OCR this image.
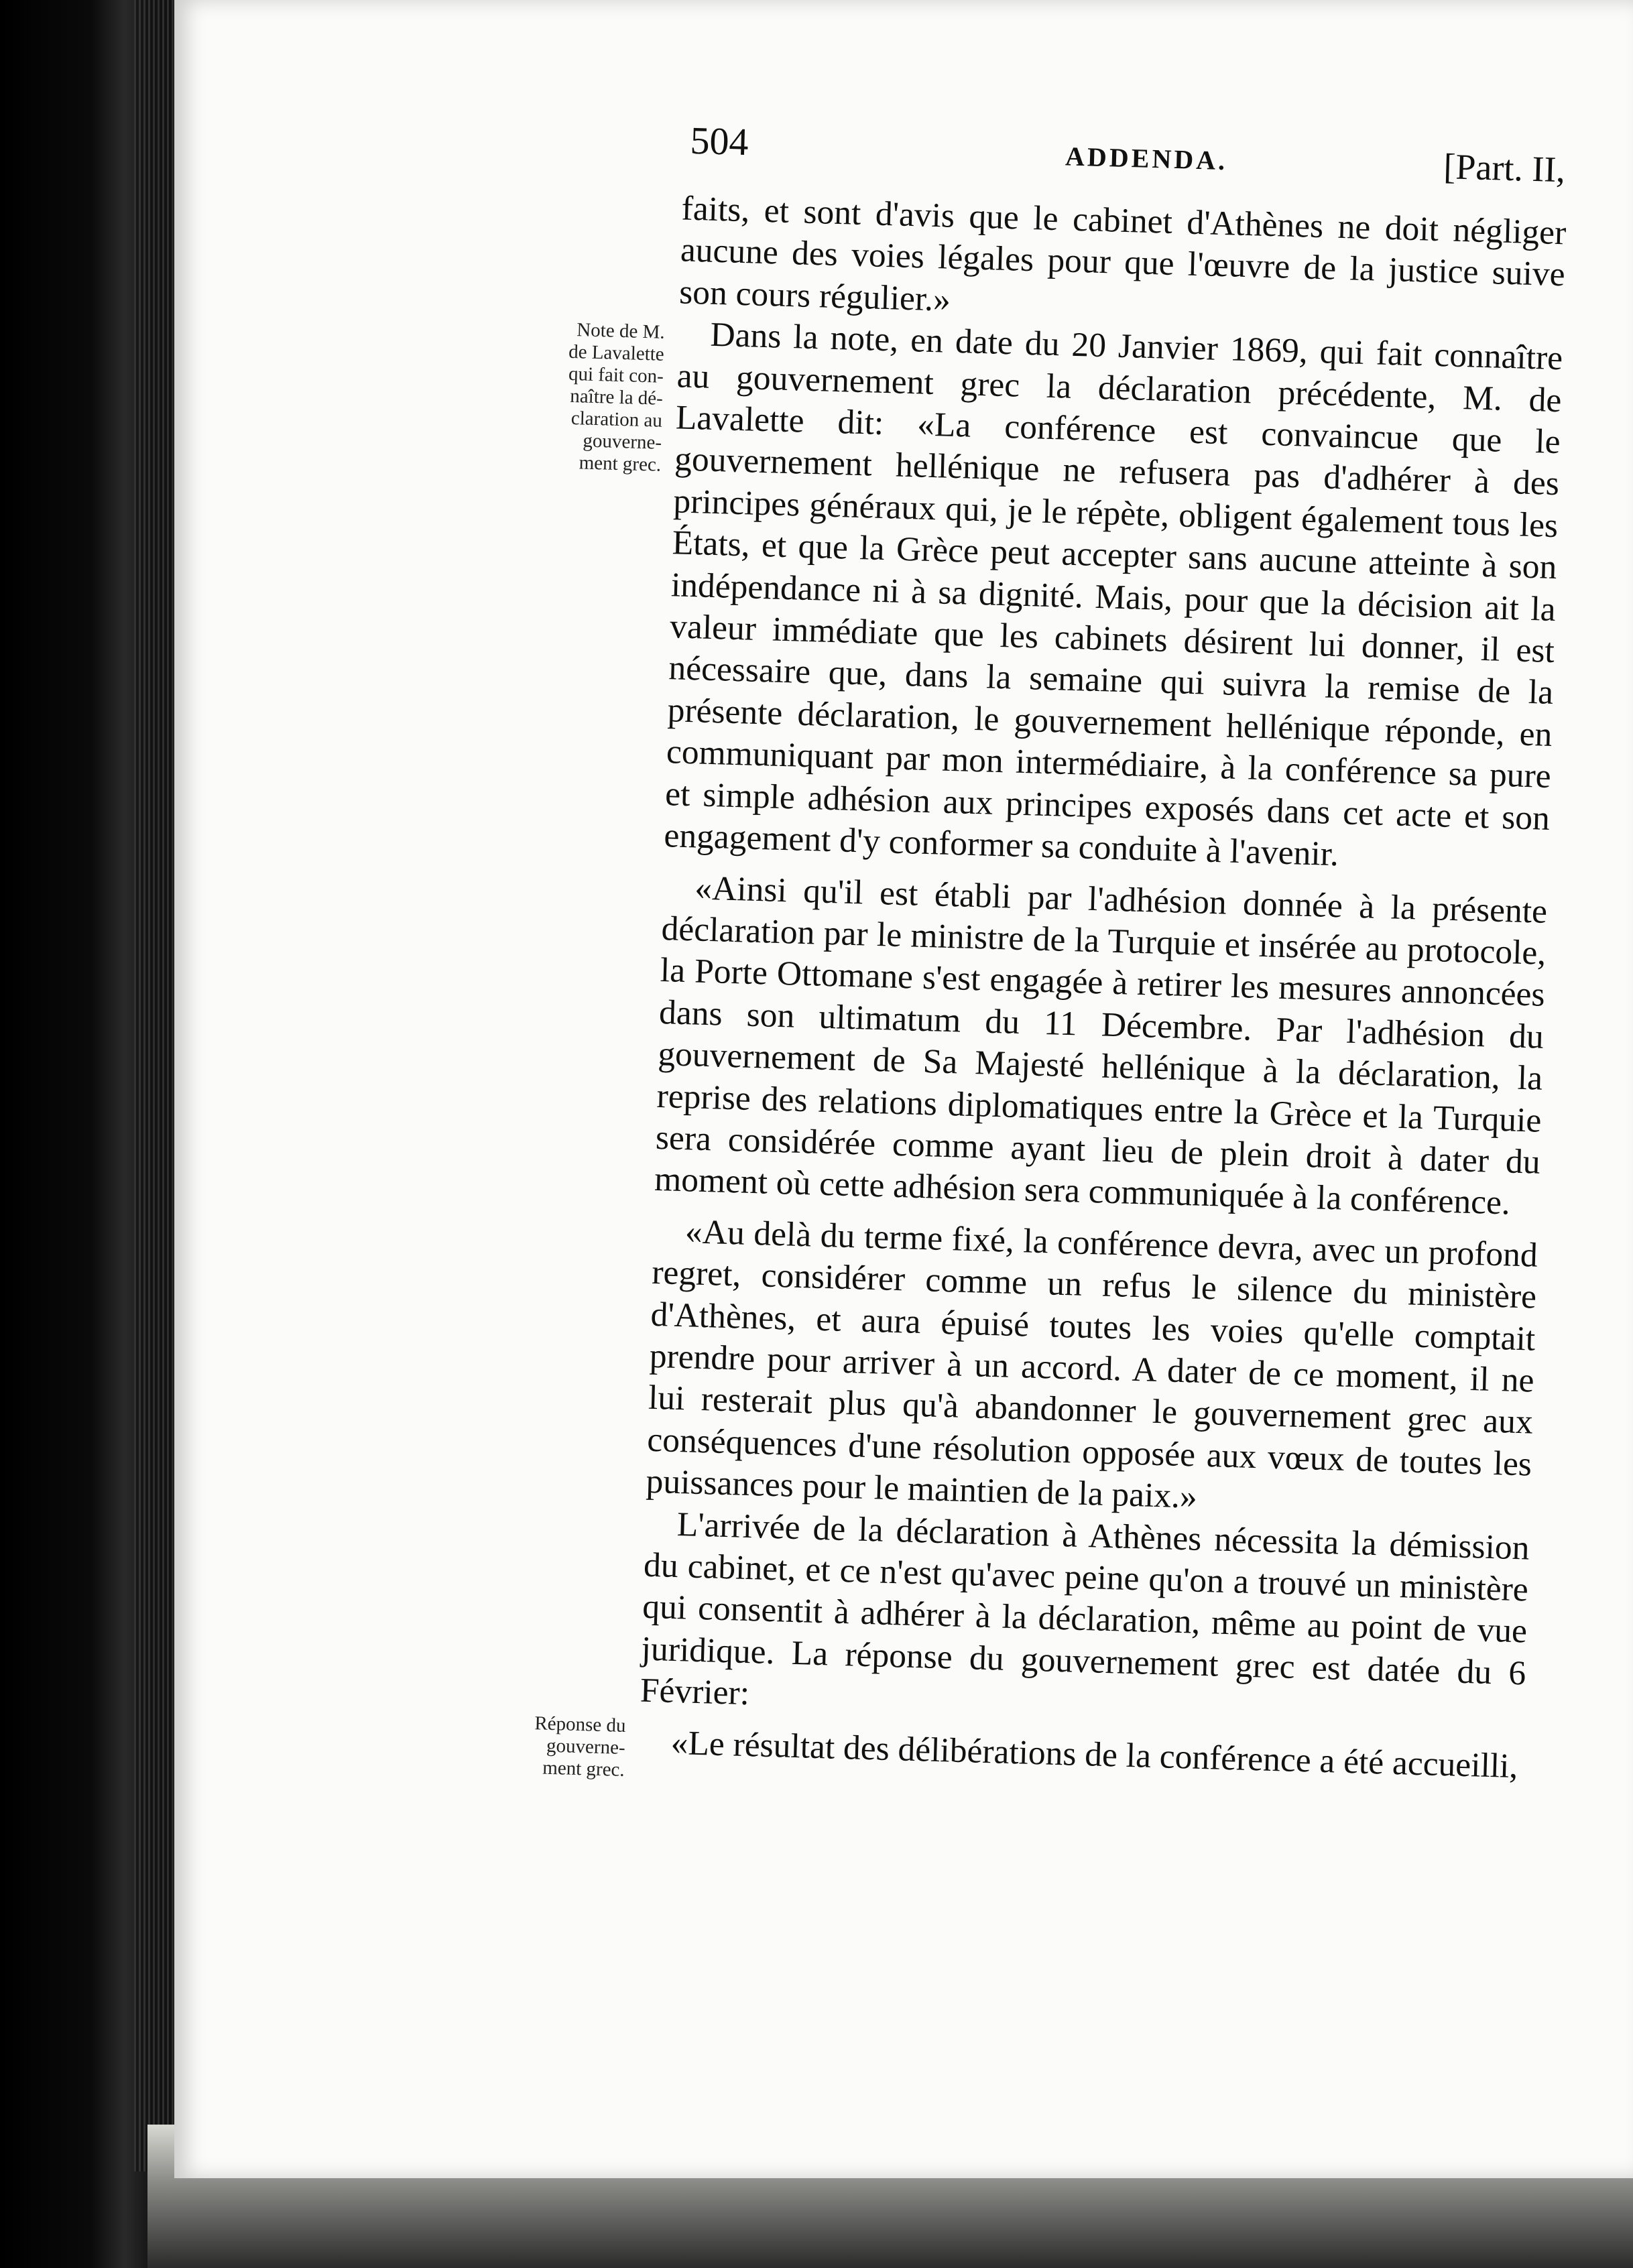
504	ADDENDA.	[Part. II,
Note de M.
de Lavalette
qui fait con-
naître la dé-
claration au
gouverne-
ment grec.
Réponse du
gouverne-
ment grec.

faits, et sont d'avis que le cabinet d'Athènes ne doit négliger aucune des voies légales pour que l'œuvre de la justice suive son cours régulier.»

Dans la note, en date du 20 Janvier 1869, qui fait connaître au gouvernement grec la déclaration précédente, M. de Lavalette dit: «La conférence est convaincue que le gouvernement hellénique ne refusera pas d'adhérer à des principes généraux qui, je le répète, obligent également tous les États, et que la Grèce peut accepter sans aucune atteinte à son indépendance ni à sa dignité. Mais, pour que la décision ait la valeur immédiate que les cabinets désirent lui donner, il est nécessaire que, dans la semaine qui suivra la remise de la présente déclaration, le gouvernement hellénique réponde, en communiquant par mon intermédiaire, à la conférence sa pure et simple adhésion aux principes exposés dans cet acte et son engagement d'y conformer sa conduite à l'avenir.

«Ainsi qu'il est établi par l'adhésion donnée à la présente déclaration par le ministre de la Turquie et insérée au protocole, la Porte Ottomane s'est engagée à retirer les mesures annoncées dans son ultimatum du 11 Décembre. Par l'adhésion du gouvernement de Sa Majesté hellénique à la déclaration, la reprise des relations diplomatiques entre la Grèce et la Turquie sera considérée comme ayant lieu de plein droit à dater du moment où cette adhésion sera communiquée à la conférence.

«Au delà du terme fixé, la conférence devra, avec un profond regret, considérer comme un refus le silence du ministère d'Athènes, et aura épuisé toutes les voies qu'elle comptait prendre pour arriver à un accord. A dater de ce moment, il ne lui resterait plus qu'à abandonner le gouvernement grec aux conséquences d'une résolution opposée aux vœux de toutes les puissances pour le maintien de la paix.»

L'arrivée de la déclaration à Athènes nécessita la démission du cabinet, et ce n'est qu'avec peine qu'on a trouvé un ministère qui consentit à adhérer à la déclaration, même au point de vue juridique. La réponse du gouvernement grec est datée du 6 Février:

«Le résultat des délibérations de la conférence a été accueilli,
